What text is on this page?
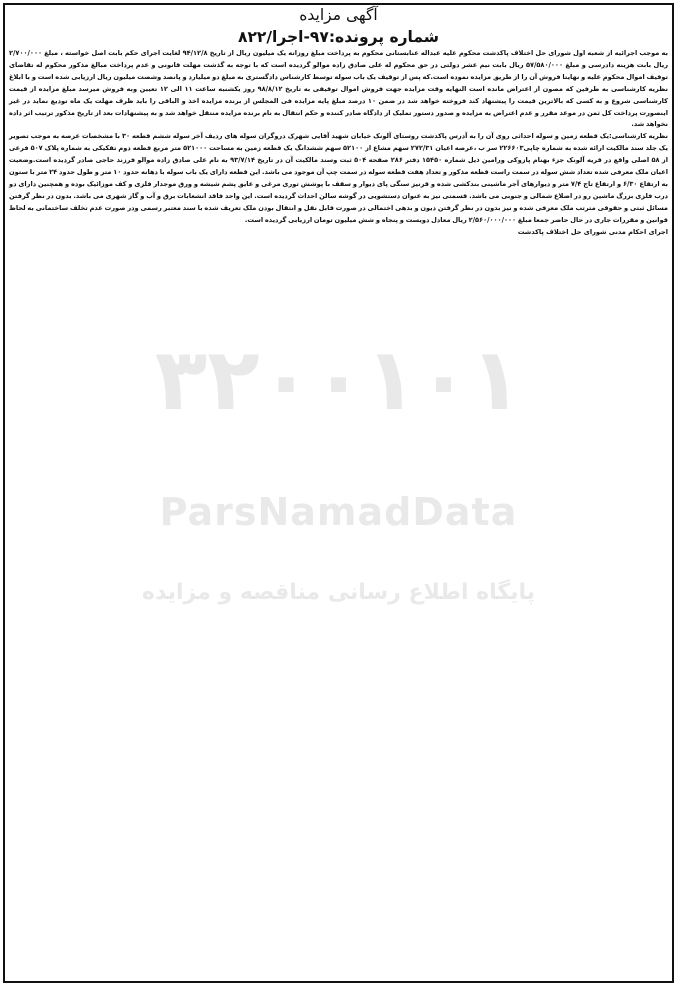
۳۲۰۰۱۰۱
ParsNamadData
پایگاه اطلاع رسانی مناقصه و مزایده
آگهی مزایده
شماره پرونده:۹۷-اجرا/۸۲۲

به موجب اجرائیه از شعبه اول شورای حل اختلاف پاکدشت محکوم علیه عبداله عنابستانی محکوم به پرداخت مبلغ روزانه یک میلیون ریال از تاریخ ۹۴/۱۲/۸ لغایت اجرای حکم بابت اصل خواسته ، مبلغ ۲/۷۰۰/۰۰۰ ریال بابت هزینه دادرسی و مبلغ ۵۷/۵۸۰/۰۰۰ ریال بابت نیم عشر دولتی در حق محکوم له علی صادق زاده موالو گردیده است که با توجه به گذشت مهلت قانونی و عدم پرداخت مبالغ مذکور محکوم له تقاضای توقیف اموال محکوم علیه و نهایتا فروش آن را از طریق مزایده نموده است.که پس از توقیف یک باب سوله توسط کارشناس دادگستری به مبلغ دو میلیارد و پانصد وشصت میلیون ریال ارزیابی شده است و با ابلاغ نظریه کارشناسی به طرفین که مصون از اعتراض مانده است النهایه وقت مزایده جهت فروش اموال توقیفی به تاریخ ۹۸/۸/۱۲ روز یکشنبه ساعت ۱۱ الی ۱۲ تعیین وبه فروش میرسد مبلغ مزایده از قیمت کارشناسی شروع و به کسی که بالاترین قیمت را پیشنهاد کند فروخته خواهد شد در ضمن ۱۰ درصد مبلغ پایه مزایده فی المجلس از برنده مزایده اخذ و الباقی را باید ظرف مهلت یک ماه تودیع نماید در غیر اینصورت پرداخت کل ثمن در موعد مقرر و عدم اعتراض به مزایده و صدور دستور تملیک از دادگاه صادر کننده و حکم انتقال به نام برنده مزایده منتقل خواهد شد و به پیشنهادات بعد از تاریخ مذکور ترتیب اثر داده نخواهد شد.

نظریه کارشناسی:یک قطعه زمین و سوله احداثی روی آن را به آدرس پاکدشت روستای آلونک خیابان شهید آقایی شهرک دروگران سوله های ردیف آخر سوله ششم قطعه ۳۰ با مشخصات عرصه به موجب تصویر یک جلد سند مالکیت ارائه شده به شماره چاپی۲۲۶۶۰۳ سر ب ،عرصه اعیان ۲۷۲/۳۱ سهم مشاع از ۵۲۱۰۰ سهم ششدانگ یک قطعه زمین به مساحت ۵۲۱۰۰۰ متر مربع قطعه دوم تفکیکی به شماره پلاک ۵۰۷ فرعی از ۵۸ اصلی واقع در قریه آلونک جزء بهنام پازوکی ورامین ذیل شماره ۱۵۴۵۰ دفتر ۲۸۶ صفحه ۵۰۴ ثبت وسند مالکیت آن در تاریخ ۹۳/۷/۱۴ به نام علی صادق زاده موالو فرزند حاجی صادر گردیده است.وضعیت اعیان ملک معرفی شده تعداد شش سوله در سمت راست قطعه مذکور و تعداد هفت قطعه سوله در سمت چپ آن موجود می باشد. این قطعه دارای یک باب سوله با دهانه حدود ۱۰ متر و طول حدود ۲۴ متر با ستون به ارتفاع ۶/۳۰ و ارتفاع تاج ۷/۴ متر و دیوارهای آجر ماشینی بندکشی شده و قرنیز سنگی پای دیوار و سقف با پوشش توری مرغی و عایق پشم شیشه و ورق موجدار فلزی و کف موزائیک بوده و همچنین دارای دو درب فلزی بزرگ ماشین رو در اضلاع شمالی و جنوبی می باشد. قسمتی نیز به عنوان دستشویی در گوشه سالن احداث گردیده است. این واحد فاقد انشعابات برق و آب و گاز شهری می باشد. بدون در نظر گرفتن مسائل ثبتی و حقوقی مترتب ملک معرفی شده و نیز بدون در نظر گرفتن دیون و بدهی اختمالی در صورت قابل نقل و انتقال بودن ملک تعریف شده با سند معتبر رسمی ودر صورت عدم تخلف ساختمانی به لحاظ قوانین و مقررات جاری در حال حاضر جمعا مبلغ ۲/۵۶۰/۰۰۰/۰۰۰ ریال معادل دویست و پنجاه و شش میلیون تومان ارزیابی گردیده است.

اجرای احکام مدنی شورای حل اختلاف پاکدشت
